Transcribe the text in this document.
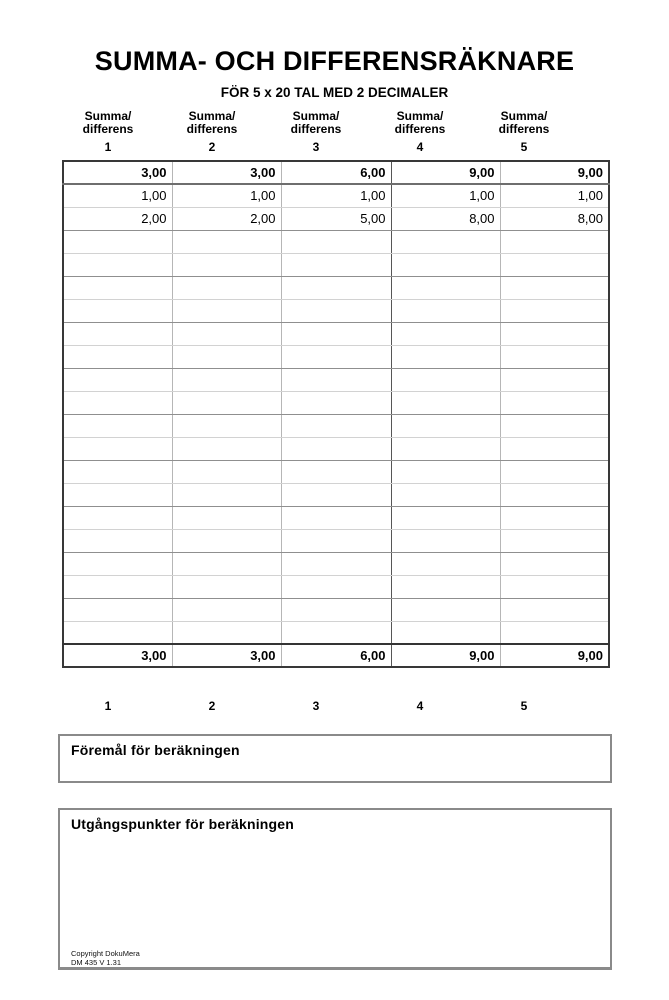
SUMMA- OCH DIFFERENSRÄKNARE
FÖR 5 x 20 TAL MED 2 DECIMALER
Summa/
differens
1
Summa/
differens
2
Summa/
differens
3
Summa/
differens
4
Summa/
differens
5
3,00	3,00	6,00	9,00	9,00
1,00	1,00	1,00	1,00	1,00
2,00	2,00	5,00	8,00	8,00

3,00	3,00	6,00	9,00	9,00
1	2	3	4	5
Föremål för beräkningen
Utgångspunkter för beräkningen
Copyright DokuMera
DM 435 V 1.31
